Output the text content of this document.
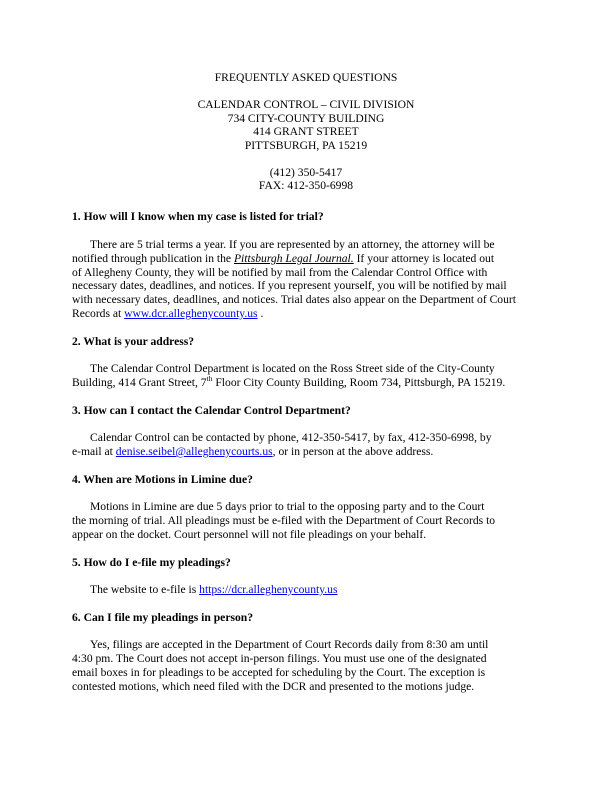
FREQUENTLY ASKED QUESTIONS
CALENDAR CONTROL – CIVIL DIVISION
734 CITY-COUNTY BUILDING
414 GRANT STREET
PITTSBURGH, PA 15219
(412) 350-5417
FAX: 412-350-6998
1. How will I know when my case is listed for trial?
There are 5 trial terms a year. If you are represented by an attorney, the attorney will be
notified through publication in the Pittsburgh Legal Journal. If your attorney is located out
of Allegheny County, they will be notified by mail from the Calendar Control Office with
necessary dates, deadlines, and notices. If you represent yourself, you will be notified by mail
with necessary dates, deadlines, and notices. Trial dates also appear on the Department of Court
Records at www.dcr.alleghenycounty.us .
2. What is your address?
The Calendar Control Department is located on the Ross Street side of the City-County
Building, 414 Grant Street, 7th Floor City County Building, Room 734, Pittsburgh, PA 15219.
3. How can I contact the Calendar Control Department?
Calendar Control can be contacted by phone, 412-350-5417, by fax, 412-350-6998, by
e-mail at denise.seibel@alleghenycourts.us, or in person at the above address.
4. When are Motions in Limine due?
Motions in Limine are due 5 days prior to trial to the opposing party and to the Court
the morning of trial. All pleadings must be e-filed with the Department of Court Records to
appear on the docket. Court personnel will not file pleadings on your behalf.
5. How do I e-file my pleadings?
The website to e-file is https://dcr.alleghenycounty.us
6. Can I file my pleadings in person?
Yes, filings are accepted in the Department of Court Records daily from 8:30 am until
4:30 pm. The Court does not accept in-person filings. You must use one of the designated
email boxes in for pleadings to be accepted for scheduling by the Court. The exception is
contested motions, which need filed with the DCR and presented to the motions judge.
